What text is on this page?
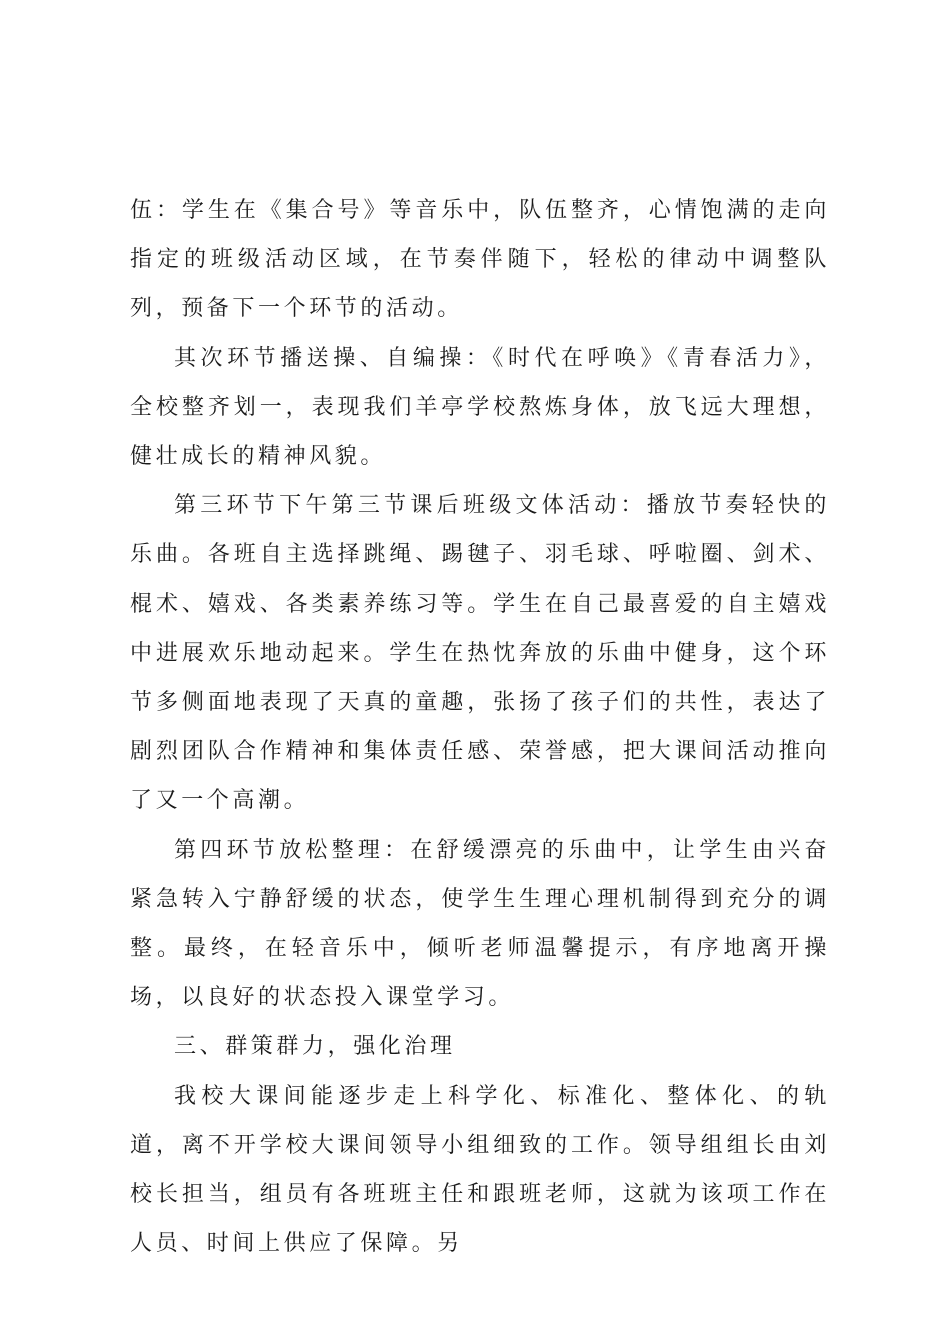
伍：学生在《集合号》等音乐中，队伍整齐，心情饱满的走向指定的班级活动区域，在节奏伴随下，轻松的律动中调整队列，预备下一个环节的活动。

其次环节播送操、自编操：《时代在呼唤》《青春活力》，全校整齐划一，表现我们羊亭学校熬炼身体，放飞远大理想，健壮成长的精神风貌。

第三环节下午第三节课后班级文体活动：播放节奏轻快的乐曲。各班自主选择跳绳、踢毽子、羽毛球、呼啦圈、剑术、棍术、嬉戏、各类素养练习等。学生在自己最喜爱的自主嬉戏中进展欢乐地动起来。学生在热忱奔放的乐曲中健身，这个环节多侧面地表现了天真的童趣，张扬了孩子们的共性，表达了剧烈团队合作精神和集体责任感、荣誉感，把大课间活动推向了又一个高潮。

第四环节放松整理：在舒缓漂亮的乐曲中，让学生由兴奋紧急转入宁静舒缓的状态，使学生生理心理机制得到充分的调整。最终，在轻音乐中，倾听老师温馨提示，有序地离开操场，以良好的状态投入课堂学习。

三、群策群力，强化治理

我校大课间能逐步走上科学化、标准化、整体化、的轨道，离不开学校大课间领导小组细致的工作。领导组组长由刘校长担当，组员有各班班主任和跟班老师，这就为该项工作在人员、时间上供应了保障。另
